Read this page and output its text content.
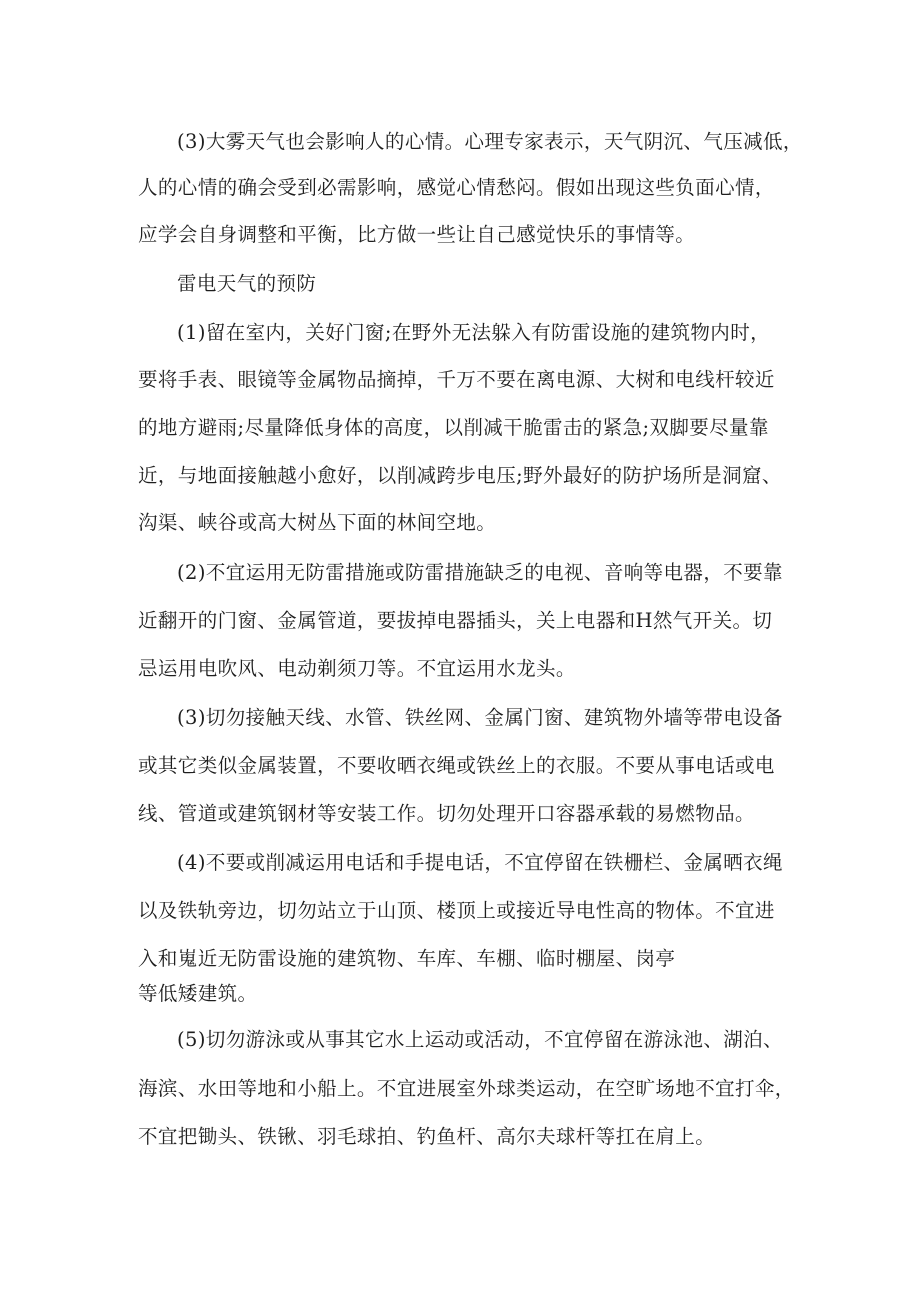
(3)大雾天气也会影响人的心情。心理专家表示，天气阴沉、气压减低，
人的心情的确会受到必需影响，感觉心情愁闷。假如出现这些负面心情，
应学会自身调整和平衡，比方做一些让自己感觉快乐的事情等。
雷电天气的预防
(1)留在室内，关好门窗;在野外无法躲入有防雷设施的建筑物内时，
要将手表、眼镜等金属物品摘掉，千万不要在离电源、大树和电线杆较近
的地方避雨;尽量降低身体的高度，以削减干脆雷击的紧急;双脚要尽量靠
近，与地面接触越小愈好，以削减跨步电压;野外最好的防护场所是洞窟、
沟渠、峡谷或高大树丛下面的林间空地。
(2)不宜运用无防雷措施或防雷措施缺乏的电视、音响等电器，不要靠
近翻开的门窗、金属管道，要拔掉电器插头，关上电器和H然气开关。切
忌运用电吹风、电动剃须刀等。不宜运用水龙头。
(3)切勿接触天线、水管、铁丝网、金属门窗、建筑物外墙等带电设备
或其它类似金属装置，不要收晒衣绳或铁丝上的衣服。不要从事电话或电
线、管道或建筑钢材等安装工作。切勿处理开口容器承载的易燃物品。
(4)不要或削减运用电话和手提电话，不宜停留在铁栅栏、金属晒衣绳
以及铁轨旁边，切勿站立于山顶、楼顶上或接近导电性高的物体。不宜进
入和嵬近无防雷设施的建筑物、车库、车棚、临时棚屋、岗亭
等低矮建筑。
(5)切勿游泳或从事其它水上运动或活动，不宜停留在游泳池、湖泊、
海滨、水田等地和小船上。不宜进展室外球类运动，在空旷场地不宜打伞，
不宜把锄头、铁锹、羽毛球拍、钓鱼杆、高尔夫球杆等扛在肩上。
